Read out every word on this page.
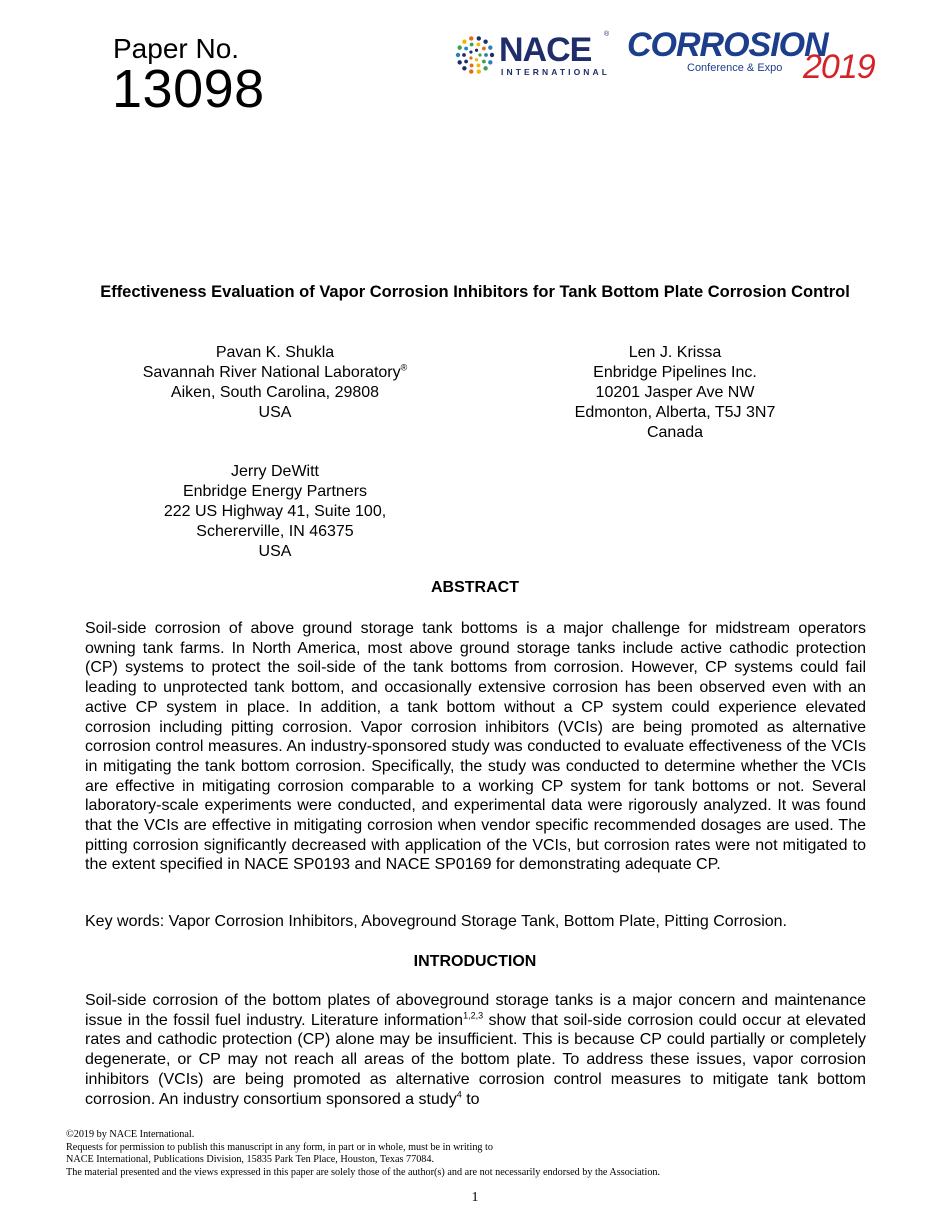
Paper No.
13098
NACE ®
INTERNATIONAL
CORROSION
Conference & Expo 2019
Effectiveness Evaluation of Vapor Corrosion Inhibitors for Tank Bottom Plate Corrosion Control
Pavan K. Shukla
Savannah River National Laboratory®
Aiken, South Carolina, 29808
USA
Len J. Krissa
Enbridge Pipelines Inc.
10201 Jasper Ave NW
Edmonton, Alberta, T5J 3N7
Canada
Jerry DeWitt
Enbridge Energy Partners
222 US Highway 41, Suite 100,
Schererville, IN 46375
USA
ABSTRACT
Soil-side corrosion of above ground storage tank bottoms is a major challenge for midstream operators owning tank farms. In North America, most above ground storage tanks include active cathodic protection (CP) systems to protect the soil-side of the tank bottoms from corrosion. However, CP systems could fail leading to unprotected tank bottom, and occasionally extensive corrosion has been observed even with an active CP system in place. In addition, a tank bottom without a CP system could experience elevated corrosion including pitting corrosion. Vapor corrosion inhibitors (VCIs) are being promoted as alternative corrosion control measures. An industry-sponsored study was conducted to evaluate effectiveness of the VCIs in mitigating the tank bottom corrosion. Specifically, the study was conducted to determine whether the VCIs are effective in mitigating corrosion comparable to a working CP system for tank bottoms or not. Several laboratory-scale experiments were conducted, and experimental data were rigorously analyzed. It was found that the VCIs are effective in mitigating corrosion when vendor specific recommended dosages are used. The pitting corrosion significantly decreased with application of the VCIs, but corrosion rates were not mitigated to the extent specified in NACE SP0193 and NACE SP0169 for demonstrating adequate CP.
Key words: Vapor Corrosion Inhibitors, Aboveground Storage Tank, Bottom Plate, Pitting Corrosion.
INTRODUCTION
Soil-side corrosion of the bottom plates of aboveground storage tanks is a major concern and maintenance issue in the fossil fuel industry. Literature information$^{1,2,3}$ show that soil-side corrosion could occur at elevated rates and cathodic protection (CP) alone may be insufficient. This is because CP could partially or completely degenerate, or CP may not reach all areas of the bottom plate. To address these issues, vapor corrosion inhibitors (VCIs) are being promoted as alternative corrosion control measures to mitigate tank bottom corrosion. An industry consortium sponsored a study$^4$ to
©2019 by NACE International.
Requests for permission to publish this manuscript in any form, in part or in whole, must be in writing to
NACE International, Publications Division, 15835 Park Ten Place, Houston, Texas 77084.
The material presented and the views expressed in this paper are solely those of the author(s) and are not necessarily endorsed by the Association.
1
